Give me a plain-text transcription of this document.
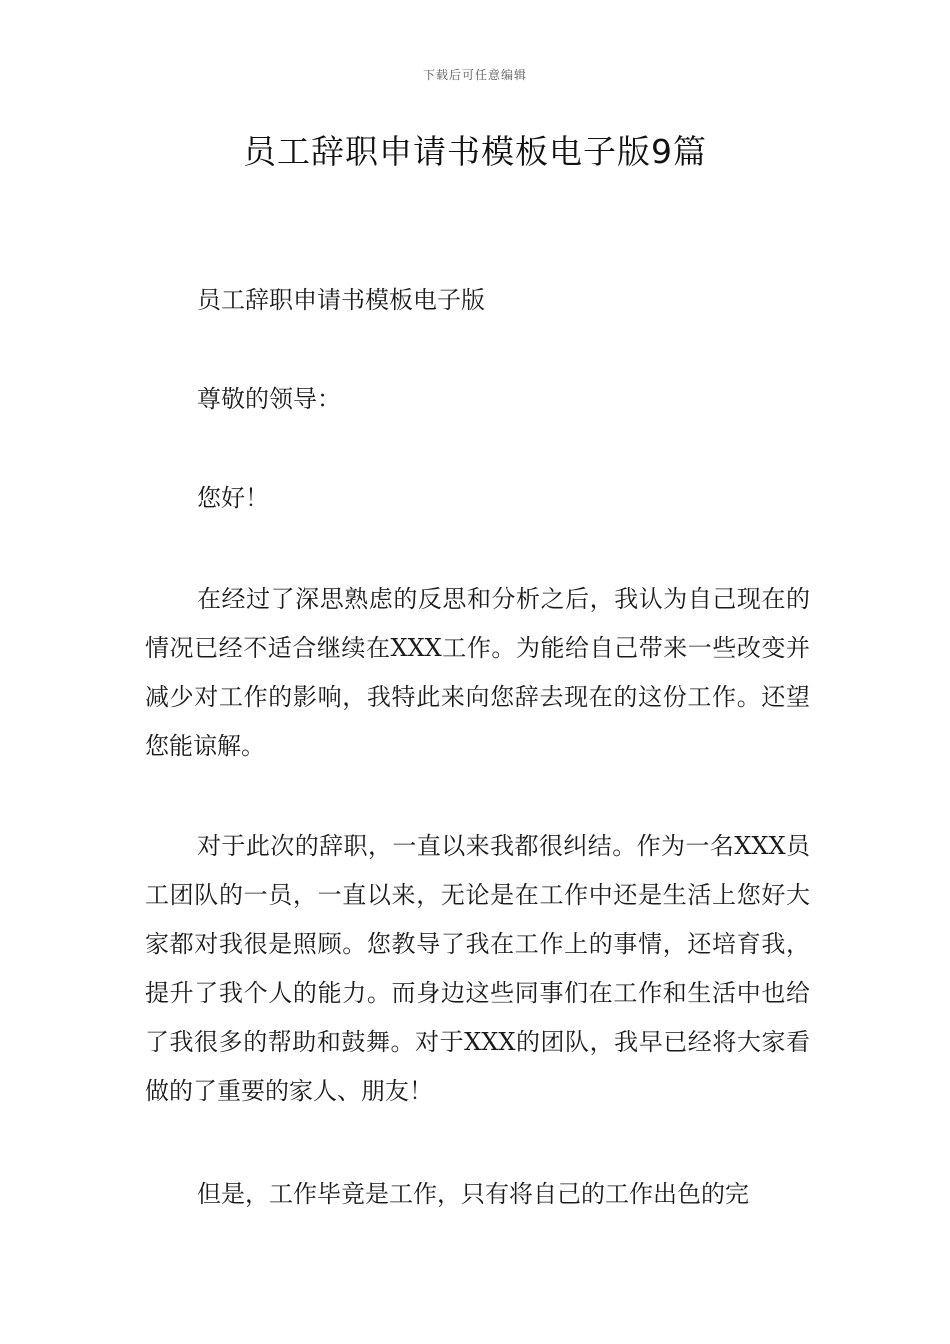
下载后可任意编辑
员工辞职申请书模板电子版9篇

员工辞职申请书模板电子版

尊敬的领导：

您好！

在经过了深思熟虑的反思和分析之后，我认为自己现在的情况已经不适合继续在XXX工作。为能给自己带来一些改变并减少对工作的影响，我特此来向您辞去现在的这份工作。还望您能谅解。

对于此次的辞职，一直以来我都很纠结。作为一名XXX员工团队的一员，一直以来，无论是在工作中还是生活上您好大家都对我很是照顾。您教导了我在工作上的事情，还培育我，提升了我个人的能力。而身边这些同事们在工作和生活中也给了我很多的帮助和鼓舞。对于XXX的团队，我早已经将大家看做的了重要的家人、朋友！

但是，工作毕竟是工作，只有将自己的工作出色的完
